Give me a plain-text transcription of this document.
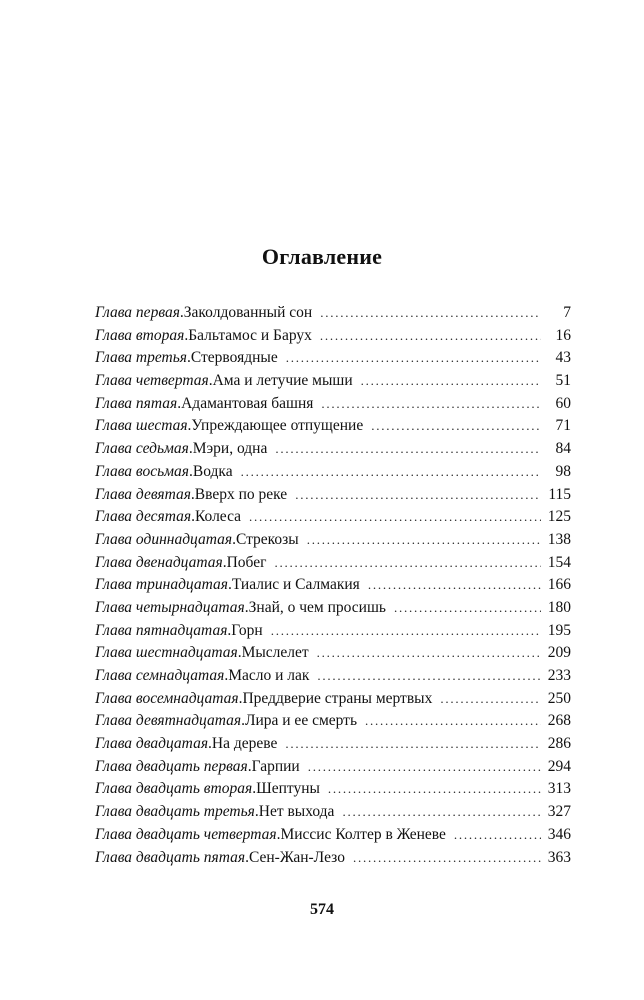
Оглавление
Глава первая . Заколдованный сон . . .	7
Глава вторая . Бальтамос и Барух . . .	16
Глава третья . Стервоядные . . .	43
Глава четвертая . Ама и летучие мыши . . .	51
Глава пятая . Адамантовая башня . . .	60
Глава шестая . Упреждающее отпущение . . .	71
Глава седьмая . Мэри, одна . . .	84
Глава восьмая . Водка . . .	98
Глава девятая . Вверх по реке . . .	115
Глава десятая . Колеса . . .	125
Глава одиннадцатая . Стрекозы . . .	138
Глава двенадцатая . Побег . . .	154
Глава тринадцатая . Тиалис и Салмакия . . .	166
Глава четырнадцатая . Знай, о чем просишь . . .	180
Глава пятнадцатая . Горн . . .	195
Глава шестнадцатая . Мыслелет . . .	209
Глава семнадцатая . Масло и лак . . .	233
Глава восемнадцатая . Преддверие страны мертвых . . .	250
Глава девятнадцатая . Лира и ее смерть . . .	268
Глава двадцатая . На дереве . . .	286
Глава двадцать первая . Гарпии . . .	294
Глава двадцать вторая . Шептуны . . .	313
Глава двадцать третья . Нет выхода . . .	327
Глава двадцать четвертая . Миссис Колтер в Женеве . . .	346
Глава двадцать пятая . Сен-Жан-Лезо . . .	363
574
